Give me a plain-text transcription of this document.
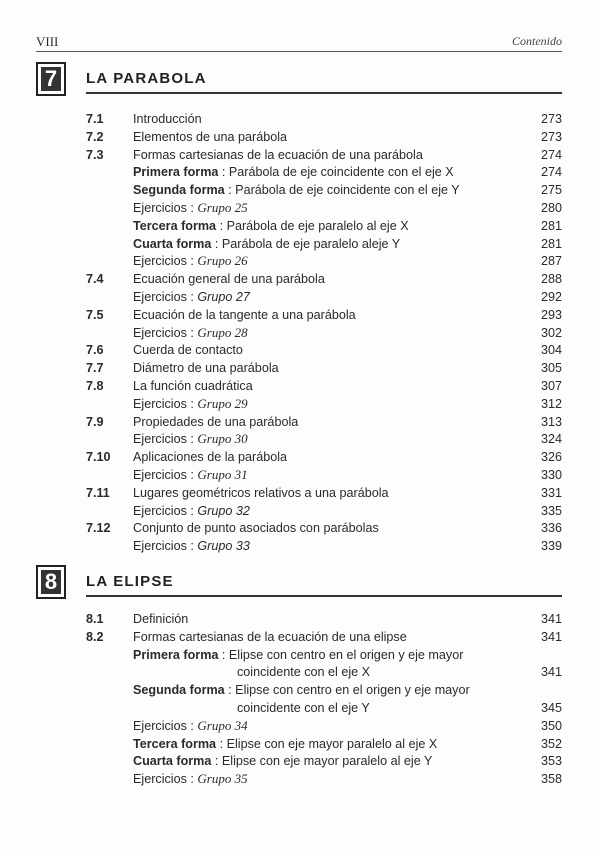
VIII	Contenido
7 LA PARABOLA
7.1 Introducción	273
7.2 Elementos de una parábola	273
7.3 Formas cartesianas de la ecuación de una parábola	274
Primera forma : Parábola de eje coincidente con el eje X	274
Segunda forma : Parábola de eje coincidente con el eje Y	275
Ejercicios : Grupo 25	280
Tercera forma : Parábola de eje paralelo al eje X	281
Cuarta forma : Parábola de eje paralelo aleje Y	281
Ejercicios : Grupo 26	287
7.4 Ecuación general de una parábola	288
Ejercicios : Grupo 27	292
7.5 Ecuación de la tangente a una parábola	293
Ejercicios : Grupo 28	302
7.6 Cuerda de contacto	304
7.7 Diámetro de una parábola	305
7.8 La función cuadrática	307
Ejercicios : Grupo 29	312
7.9 Propiedades de una parábola	313
Ejercicios : Grupo 30	324
7.10 Aplicaciones de la parábola	326
Ejercicios : Grupo 31	330
7.11 Lugares geométricos relativos a una parábola	331
Ejercicios : Grupo 32	335
7.12 Conjunto de punto asociados con parábolas	336
Ejercicios : Grupo 33	339
8 LA ELIPSE
8.1 Definición	341
8.2 Formas cartesianas de la ecuación de una elipse	341
Primera forma : Elipse con centro en el origen y eje mayor
coincidente con el eje X	341
Segunda forma : Elipse con centro en el origen y eje mayor
coincidente con el eje Y	345
Ejercicios : Grupo 34	350
Tercera forma : Elipse con eje mayor paralelo al eje X	352
Cuarta forma : Elipse con eje mayor paralelo al eje Y	353
Ejercicios : Grupo 35	358
